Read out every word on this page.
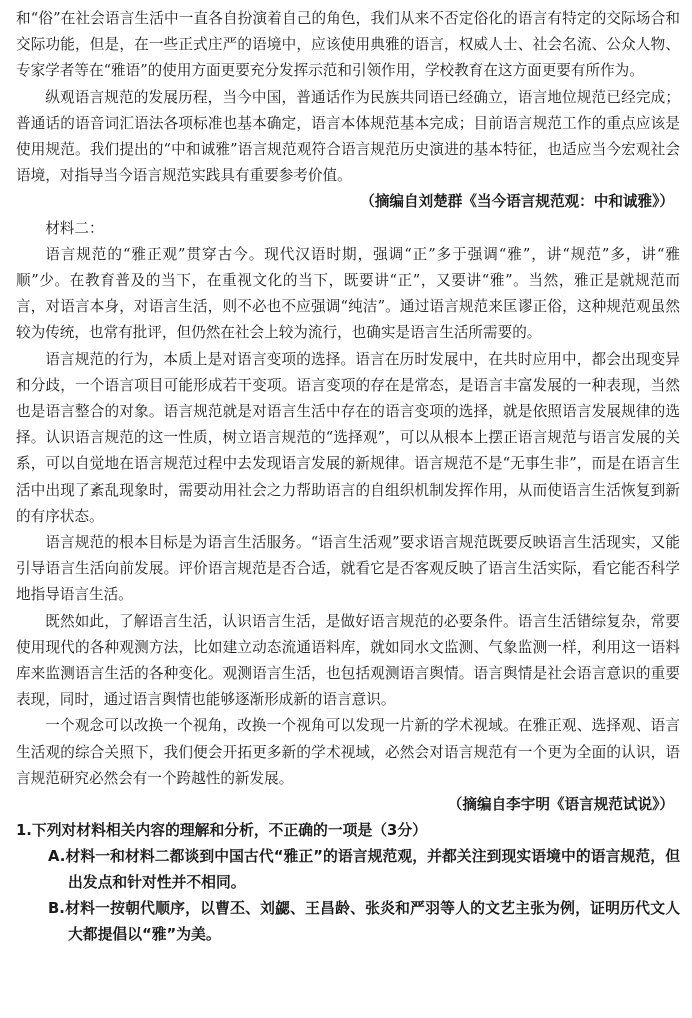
和“俗”在社会语言生活中一直各自扮演着自己的角色，我们从来不否定俗化的语言有特定的交际场合和交际功能，但是，在一些正式庄严的语境中，应该使用典雅的语言，权威人士、社会名流、公众人物、专家学者等在“雅语”的使用方面更要充分发挥示范和引领作用，学校教育在这方面更要有所作为。

纵观语言规范的发展历程，当今中国，普通话作为民族共同语已经确立，语言地位规范已经完成；普通话的语音词汇语法各项标准也基本确定，语言本体规范基本完成；目前语言规范工作的重点应该是使用规范。我们提出的“中和诚雅”语言规范观符合语言规范历史演进的基本特征，也适应当今宏观社会语境，对指导当今语言规范实践具有重要参考价值。

（摘编自刘楚群《当今语言规范观：中和诚雅》）

材料二：

语言规范的“雅正观”贯穿古今。现代汉语时期，强调“正”多于强调“雅”，讲“规范”多，讲“雅顺”少。在教育普及的当下，在重视文化的当下，既要讲“正”，又要讲“雅”。当然，雅正是就规范而言，对语言本身，对语言生活，则不必也不应强调“纯洁”。通过语言规范来匡谬正俗，这种规范观虽然较为传统，也常有批评，但仍然在社会上较为流行，也确实是语言生活所需要的。

语言规范的行为，本质上是对语言变项的选择。语言在历时发展中，在共时应用中，都会出现变异和分歧，一个语言项目可能形成若干变项。语言变项的存在是常态，是语言丰富发展的一种表现，当然也是语言整合的对象。语言规范就是对语言生活中存在的语言变项的选择，就是依照语言发展规律的选择。认识语言规范的这一性质，树立语言规范的“选择观”，可以从根本上摆正语言规范与语言发展的关系，可以自觉地在语言规范过程中去发现语言发展的新规律。语言规范不是“无事生非”，而是在语言生活中出现了紊乱现象时，需要动用社会之力帮助语言的自组织机制发挥作用，从而使语言生活恢复到新的有序状态。

语言规范的根本目标是为语言生活服务。“语言生活观”要求语言规范既要反映语言生活现实，又能引导语言生活向前发展。评价语言规范是否合适，就看它是否客观反映了语言生活实际，看它能否科学地指导语言生活。

既然如此，了解语言生活，认识语言生活，是做好语言规范的必要条件。语言生活错综复杂，常要使用现代的各种观测方法，比如建立动态流通语料库，就如同水文监测、气象监测一样，利用这一语料库来监测语言生活的各种变化。观测语言生活，也包括观测语言舆情。语言舆情是社会语言意识的重要表现，同时，通过语言舆情也能够逐渐形成新的语言意识。

一个观念可以改换一个视角，改换一个视角可以发现一片新的学术视域。在雅正观、选择观、语言生活观的综合关照下，我们便会开拓更多新的学术视域，必然会对语言规范有一个更为全面的认识，语言规范研究必然会有一个跨越性的新发展。

（摘编自李宇明《语言规范试说》）

1.下列对材料相关内容的理解和分析，不正确的一项是（3分）

A.材料一和材料二都谈到中国古代“雅正”的语言规范观，并都关注到现实语境中的语言规范，但出发点和针对性并不相同。

B.材料一按朝代顺序，以曹丕、刘勰、王昌龄、张炎和严羽等人的文艺主张为例，证明历代文人大都提倡以“雅”为美。
